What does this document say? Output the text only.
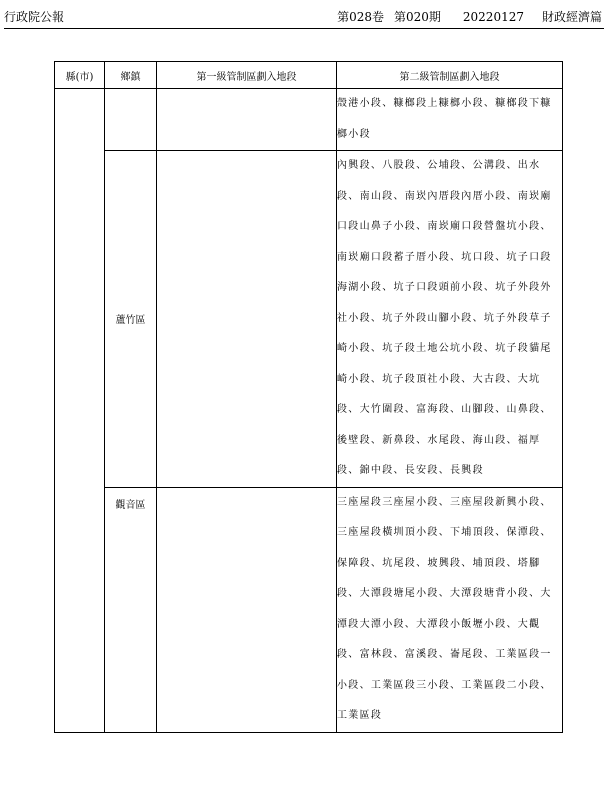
行政院公報	第028卷 第020期 20220127 財政經濟篇
縣(市)	鄉鎮	第一級管制區劃入地段	第二級管制區劃入地段

			殼港小段、糠榔段上糠榔小段、糠榔段下糠榔小段

	蘆竹區		內興段、八股段、公埔段、公溝段、出水段、南山段、南崁內厝段內厝小段、南崁廟口段山鼻子小段、南崁廟口段營盤坑小段、南崁廟口段蓄子厝小段、坑口段、坑子口段海湖小段、坑子口段頭前小段、坑子外段外社小段、坑子外段山腳小段、坑子外段草子崎小段、坑子段土地公坑小段、坑子段貓尾崎小段、坑子段頂社小段、大古段、大坑段、大竹圍段、富海段、山腳段、山鼻段、後壁段、新鼻段、水尾段、海山段、福厚段、錦中段、長安段、長興段

	觀音區		三座屋段三座屋小段、三座屋段新興小段、三座屋段橫圳頂小段、下埔頂段、保潭段、保障段、坑尾段、坡興段、埔頂段、塔腳段、大潭段塘尾小段、大潭段塘背小段、大潭段大潭小段、大潭段小飯壢小段、大觀段、富林段、富溪段、崙尾段、工業區段一小段、工業區段三小段、工業區段二小段、工業區段
